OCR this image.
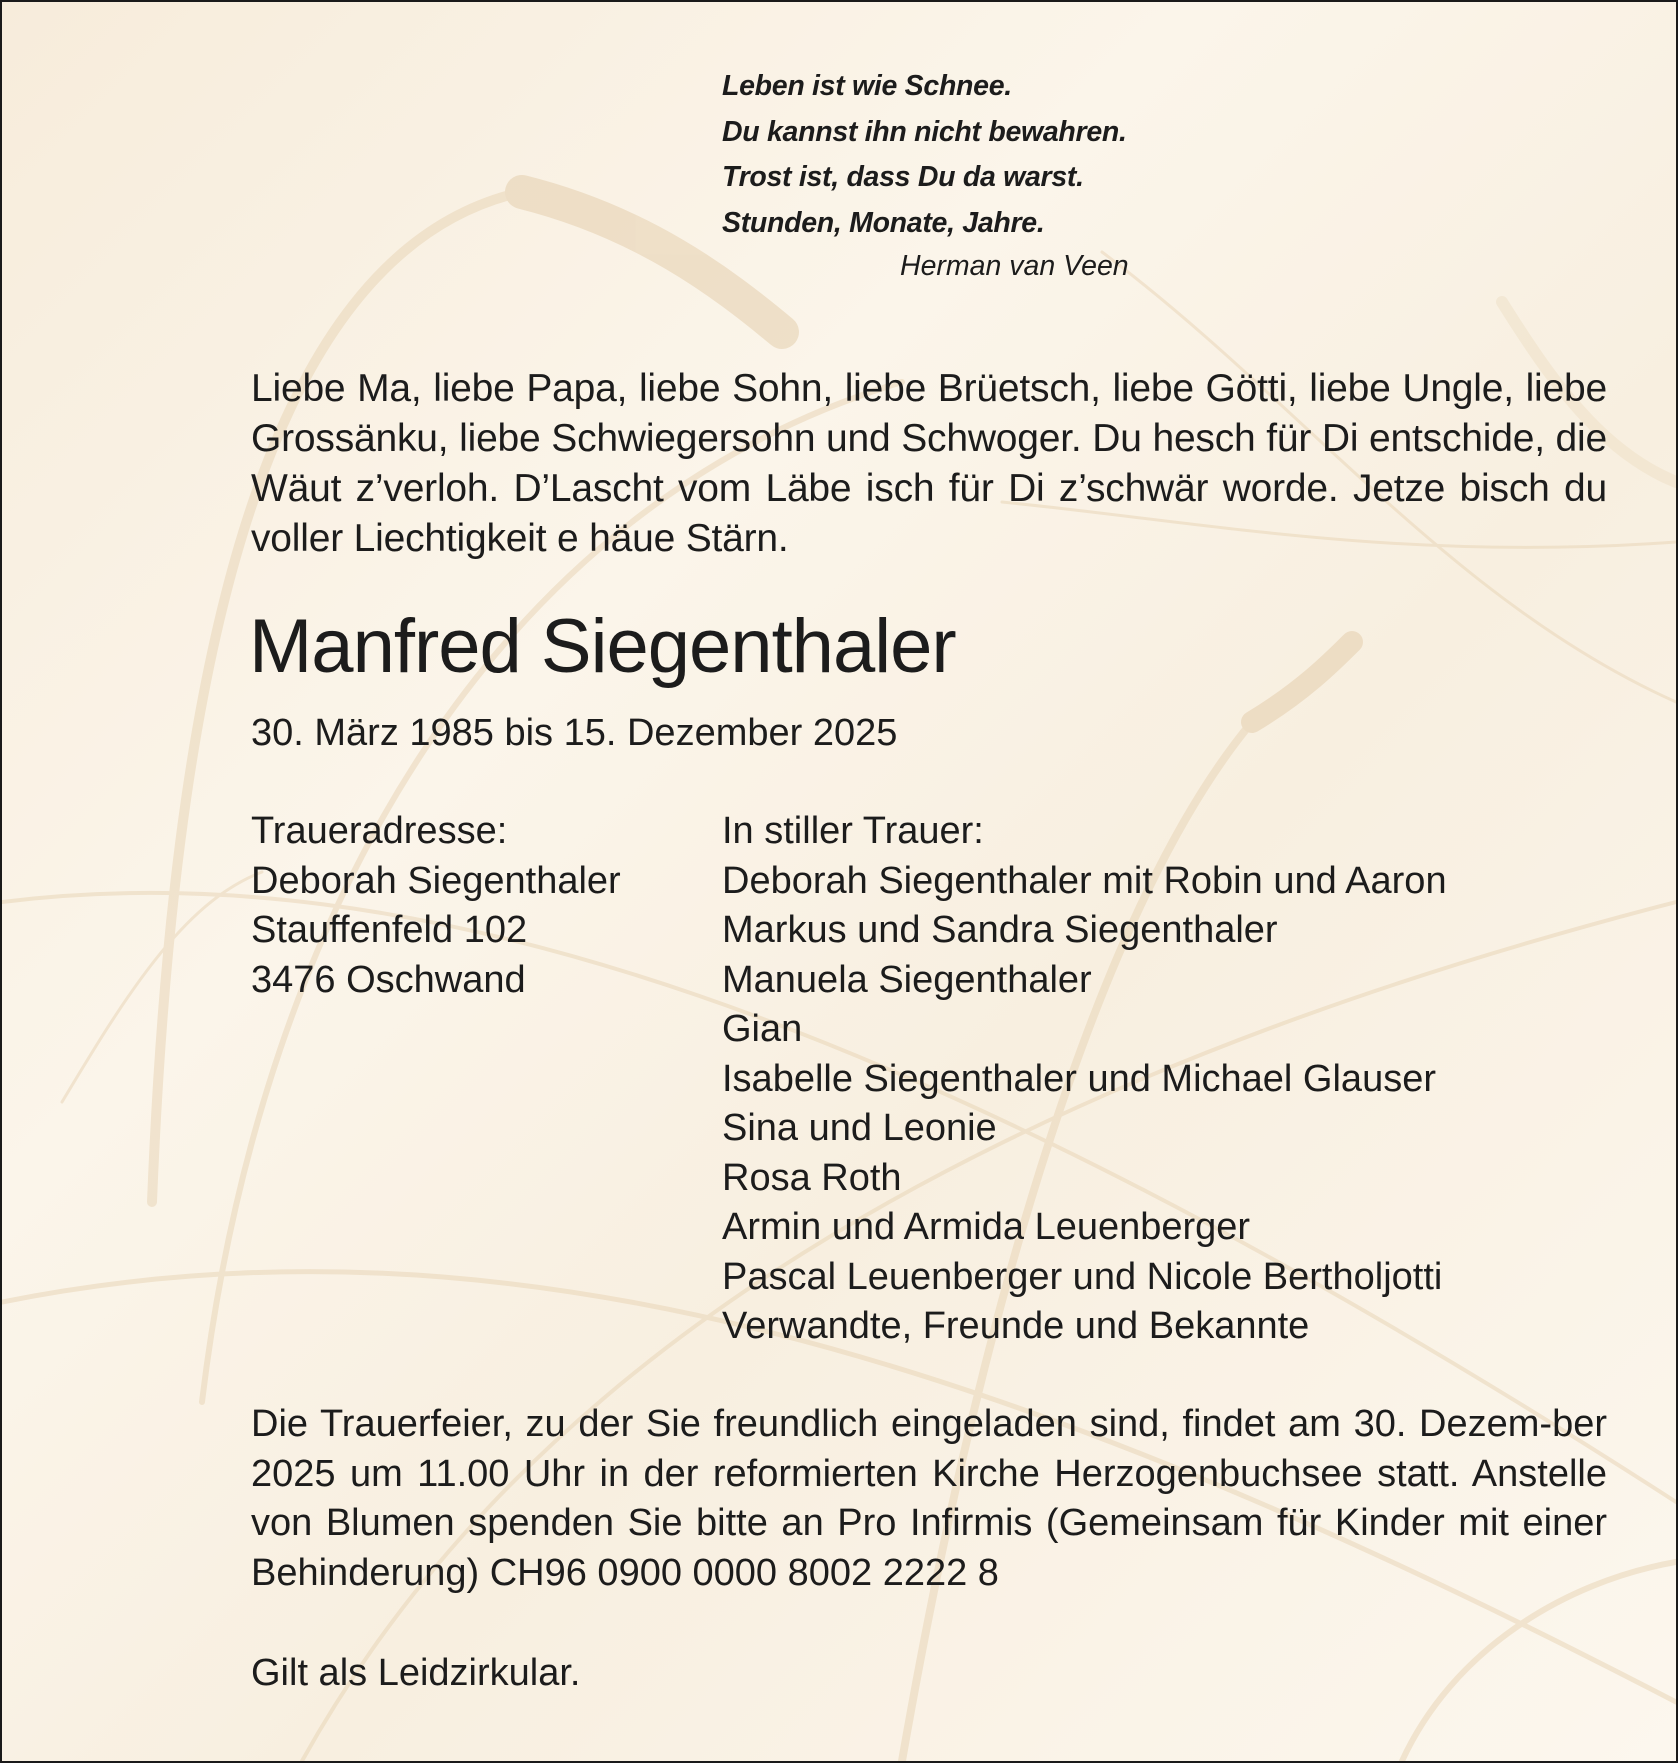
Leben ist wie Schnee.
Du kannst ihn nicht bewahren.
Trost ist, dass Du da warst.
Stunden, Monate, Jahre.
Herman van Veen
Liebe Ma, liebe Papa, liebe Sohn, liebe Brüetsch, liebe Götti, liebe Ungle, liebe Grossänku, liebe Schwiegersohn und Schwoger. Du hesch für Di entschide, die Wäut z’verloh. D’Lascht vom Läbe isch für Di z’schwär worde. Jetze bisch du voller Liechtigkeit e häue Stärn.
Manfred Siegenthaler
30. März 1985 bis 15. Dezember 2025
Traueradresse:
Deborah Siegenthaler
Stauffenfeld 102
3476 Oschwand
In stiller Trauer:
Deborah Siegenthaler mit Robin und Aaron
Markus und Sandra Siegenthaler
Manuela Siegenthaler
Gian
Isabelle Siegenthaler und Michael Glauser
Sina und Leonie
Rosa Roth
Armin und Armida Leuenberger
Pascal Leuenberger und Nicole Bertholjotti
Verwandte, Freunde und Bekannte
Die Trauerfeier, zu der Sie freundlich eingeladen sind, findet am 30. Dezem-ber 2025 um 11.00 Uhr in der reformierten Kirche Herzogenbuchsee statt. Anstelle von Blumen spenden Sie bitte an Pro Infirmis (Gemeinsam für Kinder mit einer Behinderung) CH96 0900 0000 8002 2222 8
Gilt als Leidzirkular.
